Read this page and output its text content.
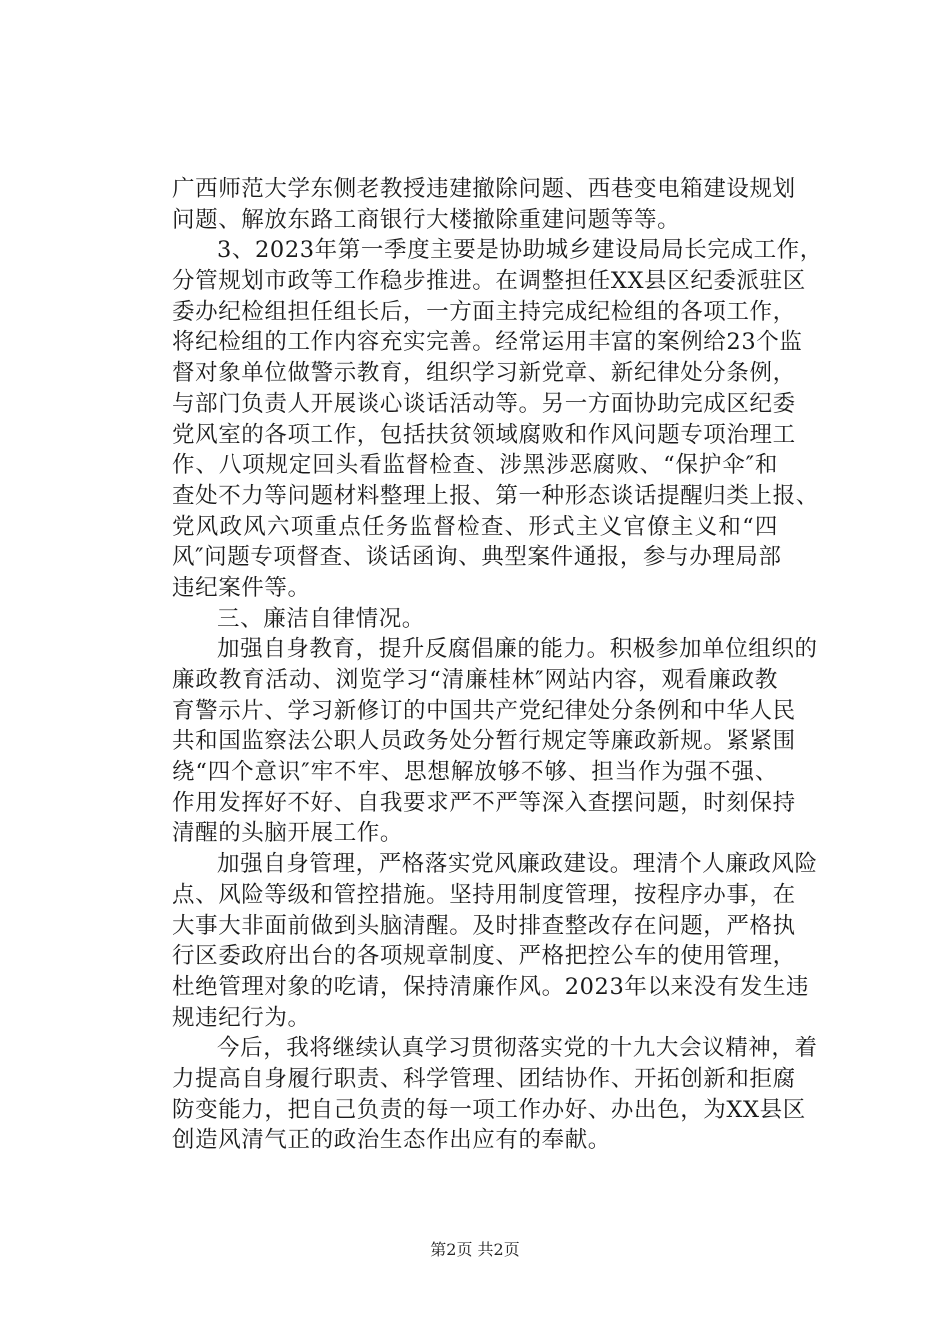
广西师范大学东侧老教授违建撤除问题、西巷变电箱建设规划
问题、解放东路工商银行大楼撤除重建问题等等。
3、2023年第一季度主要是协助城乡建设局局长完成工作，
分管规划市政等工作稳步推进。在调整担任XX县区纪委派驻区
委办纪检组担任组长后，一方面主持完成纪检组的各项工作，
将纪检组的工作内容充实完善。经常运用丰富的案例给23个监
督对象单位做警示教育，组织学习新党章、新纪律处分条例，
与部门负责人开展谈心谈话活动等。另一方面协助完成区纪委
党风室的各项工作，包括扶贫领域腐败和作风问题专项治理工
作、八项规定回头看监督检查、涉黑涉恶腐败、“保护伞″和
查处不力等问题材料整理上报、第一种形态谈话提醒归类上报、
党风政风六项重点任务监督检查、形式主义官僚主义和“四
风″问题专项督查、谈话函询、典型案件通报，参与办理局部
违纪案件等。
三、廉洁自律情况。
加强自身教育，提升反腐倡廉的能力。积极参加单位组织的
廉政教育活动、浏览学习“清廉桂林″网站内容，观看廉政教
育警示片、学习新修订的中国共产党纪律处分条例和中华人民
共和国监察法公职人员政务处分暂行规定等廉政新规。紧紧围
绕“四个意识″牢不牢、思想解放够不够、担当作为强不强、
作用发挥好不好、自我要求严不严等深入查摆问题，时刻保持
清醒的头脑开展工作。
加强自身管理，严格落实党风廉政建设。理清个人廉政风险
点、风险等级和管控措施。坚持用制度管理，按程序办事，在
大事大非面前做到头脑清醒。及时排查整改存在问题，严格执
行区委政府出台的各项规章制度、严格把控公车的使用管理，
杜绝管理对象的吃请，保持清廉作风。2023年以来没有发生违
规违纪行为。
今后，我将继续认真学习贯彻落实党的十九大会议精神，着
力提高自身履行职责、科学管理、团结协作、开拓创新和拒腐
防变能力，把自己负责的每一项工作办好、办出色，为XX县区
创造风清气正的政治生态作出应有的奉献。
第2页 共2页
